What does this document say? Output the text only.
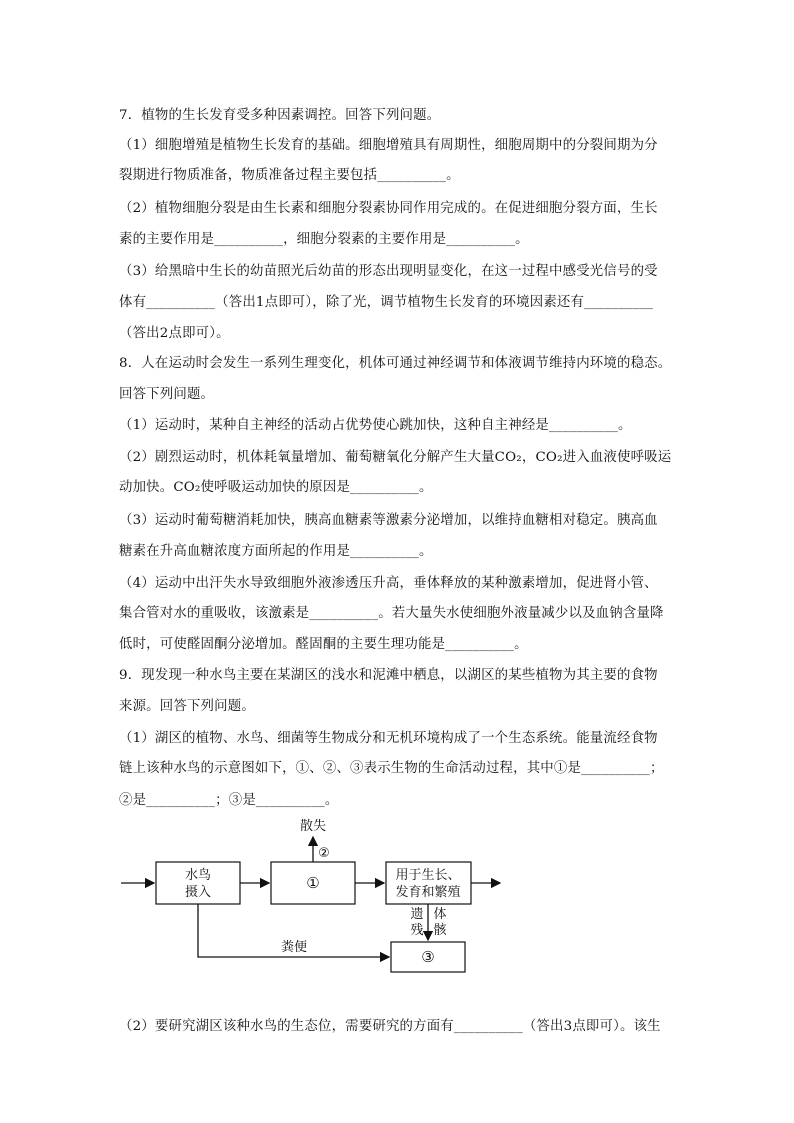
7．植物的生长发育受多种因素调控。回答下列问题。
（1）细胞增殖是植物生长发育的基础。细胞增殖具有周期性，细胞周期中的分裂间期为分
裂期进行物质准备，物质准备过程主要包括__________。
（2）植物细胞分裂是由生长素和细胞分裂素协同作用完成的。在促进细胞分裂方面，生长
素的主要作用是__________，细胞分裂素的主要作用是__________。
（3）给黑暗中生长的幼苗照光后幼苗的形态出现明显变化，在这一过程中感受光信号的受
体有__________（答出1点即可），除了光，调节植物生长发育的环境因素还有__________
（答出2点即可）。
8．人在运动时会发生一系列生理变化，机体可通过神经调节和体液调节维持内环境的稳态。
回答下列问题。
（1）运动时，某种自主神经的活动占优势使心跳加快，这种自主神经是__________。
（2）剧烈运动时，机体耗氧量增加、葡萄糖氧化分解产生大量CO₂，CO₂进入血液使呼吸运
动加快。CO₂使呼吸运动加快的原因是__________。
（3）运动时葡萄糖消耗加快，胰高血糖素等激素分泌增加，以维持血糖相对稳定。胰高血
糖素在升高血糖浓度方面所起的作用是__________。
（4）运动中出汗失水导致细胞外液渗透压升高，垂体释放的某种激素增加，促进肾小管、
集合管对水的重吸收，该激素是__________。若大量失水使细胞外液量减少以及血钠含量降
低时，可使醛固酮分泌增加。醛固酮的主要生理功能是__________。
9．现发现一种水鸟主要在某湖区的浅水和泥滩中栖息，以湖区的某些植物为其主要的食物
来源。回答下列问题。
（1）湖区的植物、水鸟、细菌等生物成分和无机环境构成了一个生态系统。能量流经食物
链上该种水鸟的示意图如下，①、②、③表示生物的生命活动过程，其中①是__________；
②是__________；③是__________。
水鸟
摄入
①
散失
②
用于生长、
发育和繁殖
遗
残
体
骸
③
粪便
（2）要研究湖区该种水鸟的生态位，需要研究的方面有__________（答出3点即可）。该生
